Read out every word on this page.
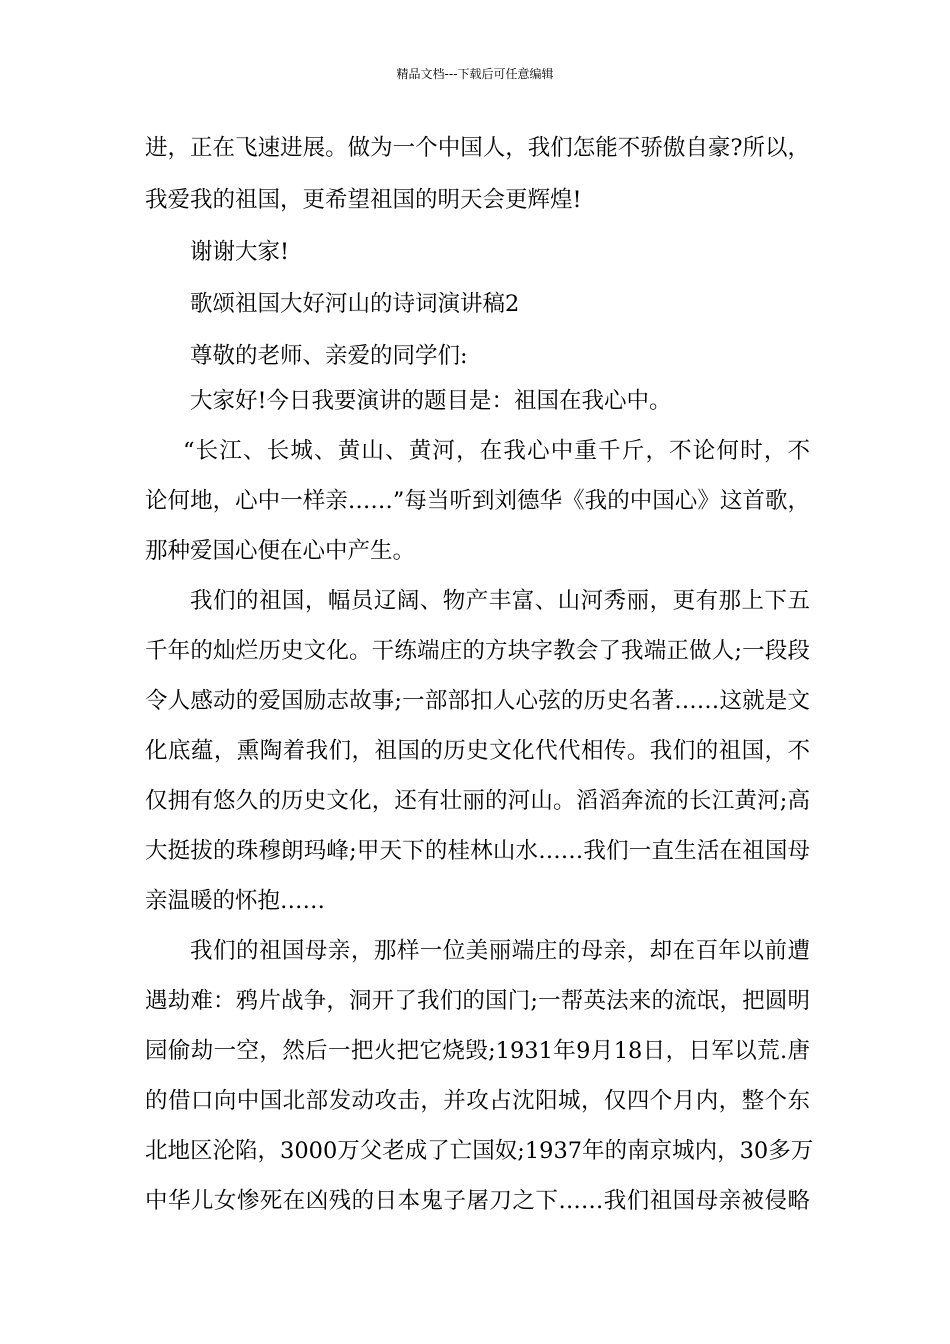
精品文档---下载后可任意编辑
进，正在飞速进展。做为一个中国人，我们怎能不骄傲自豪?所以，
我爱我的祖国，更希望祖国的明天会更辉煌!
谢谢大家!
歌颂祖国大好河山的诗词演讲稿2
尊敬的老师、亲爱的同学们:
大家好!今日我要演讲的题目是：祖国在我心中。
“长江、长城、黄山、黄河，在我心中重千斤，不论何时，不
论何地，心中一样亲……”每当听到刘德华《我的中国心》这首歌，
那种爱国心便在心中产生。
我们的祖国，幅员辽阔、物产丰富、山河秀丽，更有那上下五
千年的灿烂历史文化。干练端庄的方块字教会了我端正做人;一段段
令人感动的爱国励志故事;一部部扣人心弦的历史名著……这就是文
化底蕴，熏陶着我们，祖国的历史文化代代相传。我们的祖国，不
仅拥有悠久的历史文化，还有壮丽的河山。滔滔奔流的长江黄河;高
大挺拔的珠穆朗玛峰;甲天下的桂林山水……我们一直生活在祖国母
亲温暖的怀抱……
我们的祖国母亲，那样一位美丽端庄的母亲，却在百年以前遭
遇劫难：鸦片战争，洞开了我们的国门;一帮英法来的流氓，把圆明
园偷劫一空，然后一把火把它烧毁;1931年9月18日，日军以荒.唐
的借口向中国北部发动攻击，并攻占沈阳城，仅四个月内，整个东
北地区沦陷，3000万父老成了亡国奴;1937年的南京城内，30多万
中华儿女惨死在凶残的日本鬼子屠刀之下……我们祖国母亲被侵略
